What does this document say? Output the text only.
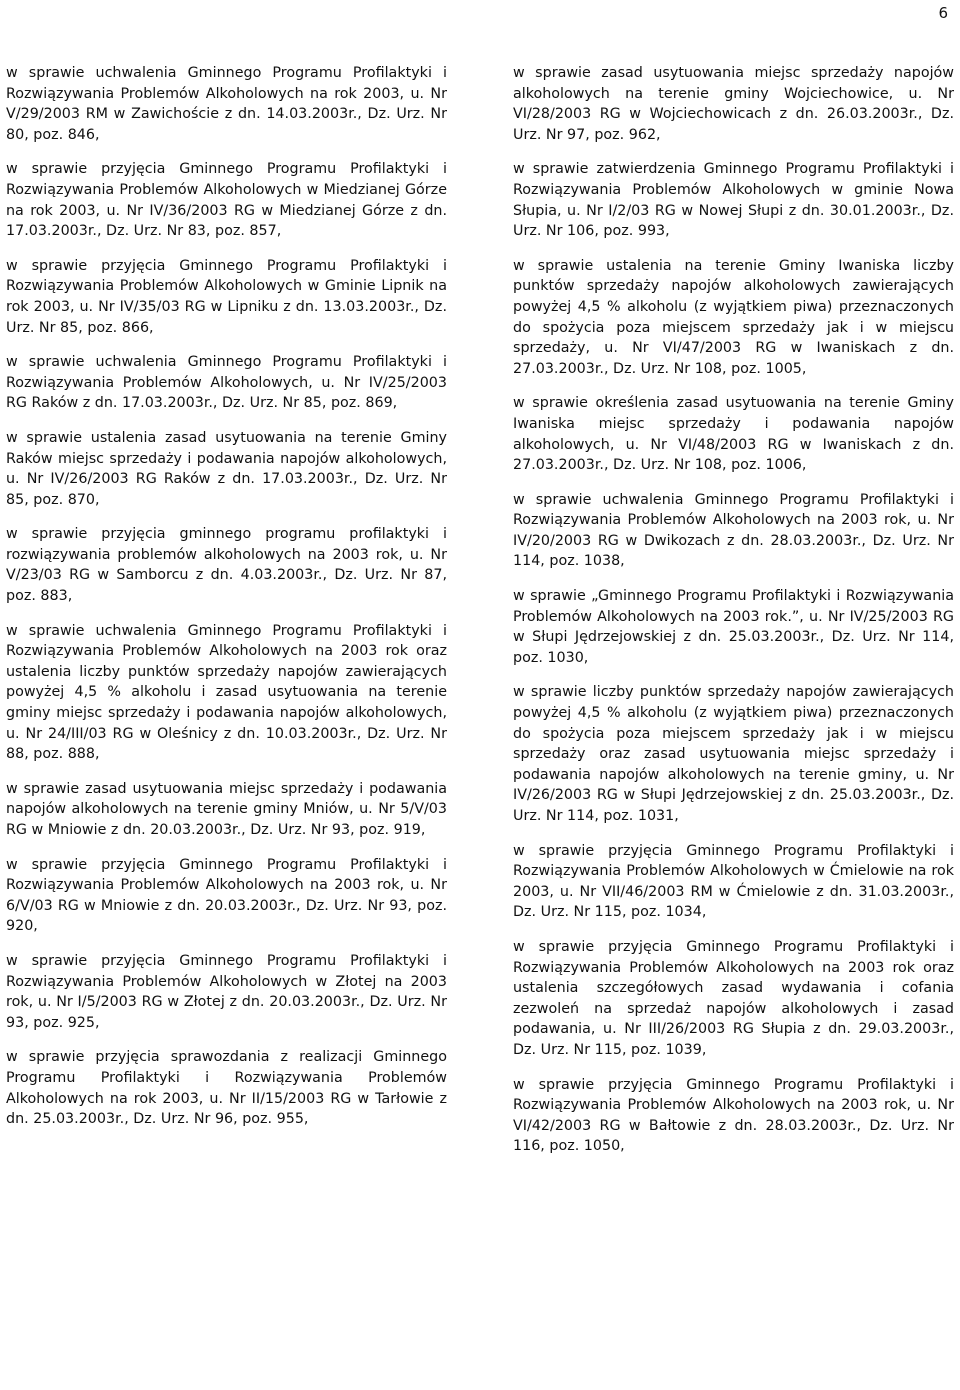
6

w sprawie uchwalenia Gminnego Programu Profilaktyki i Rozwiązywania Problemów Alkoholowych na rok 2003, u. Nr V/29/2003 RM w Zawichoście z dn. 14.03.2003r., Dz. Urz. Nr 80, poz. 846,

w sprawie przyjęcia Gminnego Programu Profilaktyki i Rozwiązywania Problemów Alkoholowych w Miedzianej Górze na rok 2003, u. Nr IV/36/2003 RG w Miedzianej Górze z dn. 17.03.2003r., Dz. Urz. Nr 83, poz. 857,

w sprawie przyjęcia Gminnego Programu Profilaktyki i Rozwiązywania Problemów Alkoholowych w Gminie Lipnik na rok 2003, u. Nr IV/35/03 RG w Lipniku z dn. 13.03.2003r., Dz. Urz. Nr 85, poz. 866,

w sprawie uchwalenia Gminnego Programu Profilaktyki i Rozwiązywania Problemów Alkoholowych, u. Nr IV/25/2003 RG Raków z dn. 17.03.2003r., Dz. Urz. Nr 85, poz. 869,

w sprawie ustalenia zasad usytuowania na terenie Gminy Raków miejsc sprzedaży i podawania napojów alkoholowych, u. Nr IV/26/2003 RG Raków z dn. 17.03.2003r., Dz. Urz. Nr 85, poz. 870,

w sprawie przyjęcia gminnego programu profilaktyki i rozwiązywania problemów alkoholowych na 2003 rok, u. Nr V/23/03 RG w Samborcu z dn. 4.03.2003r., Dz. Urz. Nr 87, poz. 883,

w sprawie uchwalenia Gminnego Programu Profilaktyki i Rozwiązywania Problemów Alkoholowych na 2003 rok oraz ustalenia liczby punktów sprzedaży napojów zawierających powyżej 4,5 % alkoholu i zasad usytuowania na terenie gminy miejsc sprzedaży i podawania napojów alkoholowych, u. Nr 24/III/03 RG w Oleśnicy z dn. 10.03.2003r., Dz. Urz. Nr 88, poz. 888,

w sprawie zasad usytuowania miejsc sprzedaży i podawania napojów alkoholowych na terenie gminy Mniów, u. Nr 5/V/03 RG w Mniowie z dn. 20.03.2003r., Dz. Urz. Nr 93, poz. 919,

w sprawie przyjęcia Gminnego Programu Profilaktyki i Rozwiązywania Problemów Alkoholowych na 2003 rok, u. Nr 6/V/03 RG w Mniowie z dn. 20.03.2003r., Dz. Urz. Nr 93, poz. 920,

w sprawie przyjęcia Gminnego Programu Profilaktyki i Rozwiązywania Problemów Alkoholowych w Złotej na 2003 rok, u. Nr I/5/2003 RG w Złotej z dn. 20.03.2003r., Dz. Urz. Nr 93, poz. 925,

w sprawie przyjęcia sprawozdania z realizacji Gminnego Programu Profilaktyki i Rozwiązywania Problemów Alkoholowych na rok 2003, u. Nr II/15/2003 RG w Tarłowie z dn. 25.03.2003r., Dz. Urz. Nr 96, poz. 955,

w sprawie zasad usytuowania miejsc sprzedaży napojów alkoholowych na terenie gminy Wojciechowice, u. Nr VI/28/2003 RG w Wojciechowicach z dn. 26.03.2003r., Dz. Urz. Nr 97, poz. 962,

w sprawie zatwierdzenia Gminnego Programu Profilaktyki i Rozwiązywania Problemów Alkoholowych w gminie Nowa Słupia, u. Nr I/2/03 RG w Nowej Słupi z dn. 30.01.2003r., Dz. Urz. Nr 106, poz. 993,

w sprawie ustalenia na terenie Gminy Iwaniska liczby punktów sprzedaży napojów alkoholowych zawierających powyżej 4,5 % alkoholu (z wyjątkiem piwa) przeznaczonych do spożycia poza miejscem sprzedaży jak i w miejscu sprzedaży, u. Nr VI/47/2003 RG w Iwaniskach z dn. 27.03.2003r., Dz. Urz. Nr 108, poz. 1005,

w sprawie określenia zasad usytuowania na terenie Gminy Iwaniska miejsc sprzedaży i podawania napojów alkoholowych, u. Nr VI/48/2003 RG w Iwaniskach z dn. 27.03.2003r., Dz. Urz. Nr 108, poz. 1006,

w sprawie uchwalenia Gminnego Programu Profilaktyki i Rozwiązywania Problemów Alkoholowych na 2003 rok, u. Nr IV/20/2003 RG w Dwikozach z dn. 28.03.2003r., Dz. Urz. Nr 114, poz. 1038,

w sprawie „Gminnego Programu Profilaktyki i Rozwiązywania Problemów Alkoholowych na 2003 rok.”, u. Nr IV/25/2003 RG w Słupi Jędrzejowskiej z dn. 25.03.2003r., Dz. Urz. Nr 114, poz. 1030,

w sprawie liczby punktów sprzedaży napojów zawierających powyżej 4,5 % alkoholu (z wyjątkiem piwa) przeznaczonych do spożycia poza miejscem sprzedaży jak i w miejscu sprzedaży oraz zasad usytuowania miejsc sprzedaży i podawania napojów alkoholowych na terenie gminy, u. Nr IV/26/2003 RG w Słupi Jędrzejowskiej z dn. 25.03.2003r., Dz. Urz. Nr 114, poz. 1031,

w sprawie przyjęcia Gminnego Programu Profilaktyki i Rozwiązywania Problemów Alkoholowych w Ćmielowie na rok 2003, u. Nr VII/46/2003 RM w Ćmielowie z dn. 31.03.2003r., Dz. Urz. Nr 115, poz. 1034,

w sprawie przyjęcia Gminnego Programu Profilaktyki i Rozwiązywania Problemów Alkoholowych na 2003 rok oraz ustalenia szczegółowych zasad wydawania i cofania zezwoleń na sprzedaż napojów alkoholowych i zasad podawania, u. Nr III/26/2003 RG Słupia z dn. 29.03.2003r., Dz. Urz. Nr 115, poz. 1039,

w sprawie przyjęcia Gminnego Programu Profilaktyki i Rozwiązywania Problemów Alkoholowych na 2003 rok, u. Nr VI/42/2003 RG w Bałtowie z dn. 28.03.2003r., Dz. Urz. Nr 116, poz. 1050,
